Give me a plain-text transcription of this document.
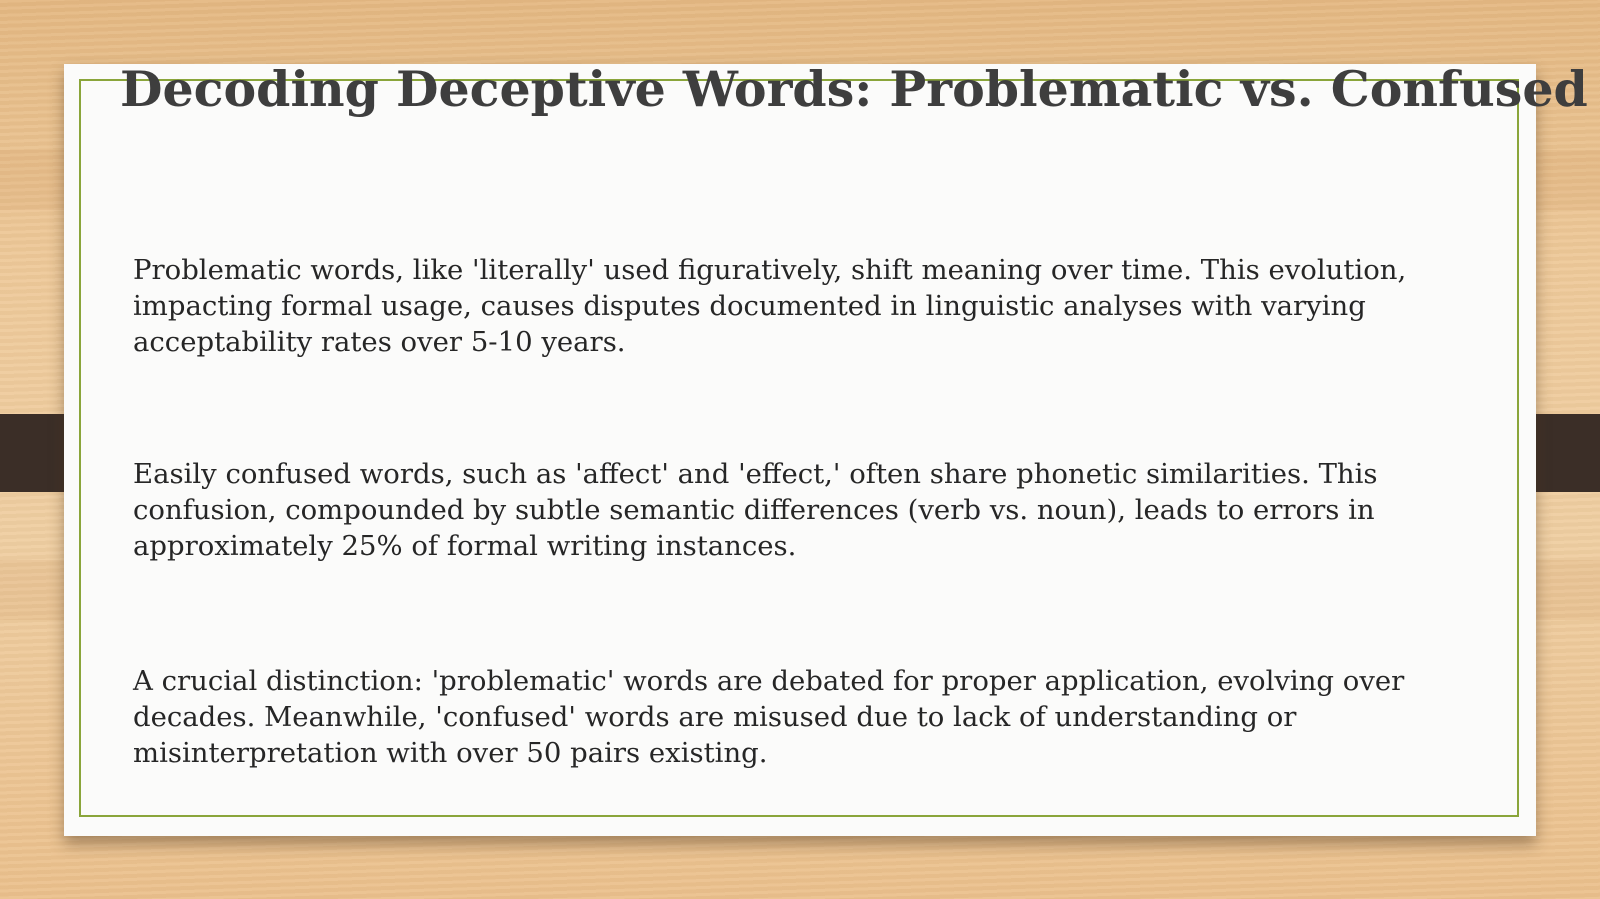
Decoding Deceptive Words: Problematic vs. Confused

Problematic words, like 'literally' used figuratively, shift meaning over time. This evolution, impacting formal usage, causes disputes documented in linguistic analyses with varying acceptability rates over 5-10 years.

Easily confused words, such as 'affect' and 'effect,' often share phonetic similarities. This confusion, compounded by subtle semantic differences (verb vs. noun), leads to errors in approximately 25% of formal writing instances.

A crucial distinction: 'problematic' words are debated for proper application, evolving over decades. Meanwhile, 'confused' words are misused due to lack of understanding or misinterpretation with over 50 pairs existing.
